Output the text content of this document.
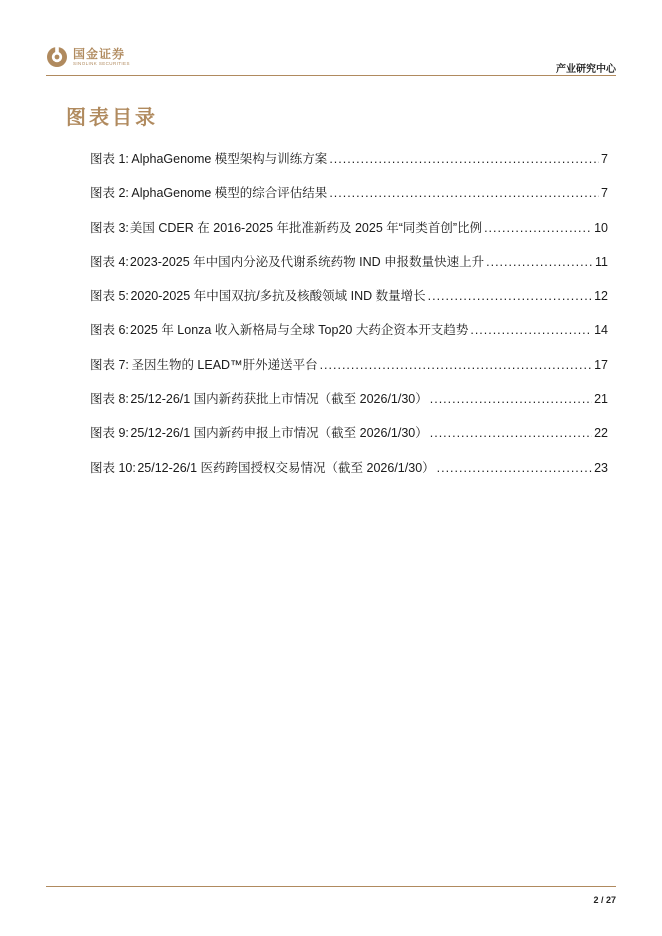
国金证券
SINOLINK SECURITIES
产业研究中心
图表目录
图表 1: AlphaGenome 模型架构与训练方案 .....	7
图表 2: AlphaGenome 模型的综合评估结果 .....	7
图表 3: 美国 CDER 在 2016-2025 年批准新药及 2025 年“同类首创”比例 .....	10
图表 4: 2023-2025 年中国内分泌及代谢系统药物 IND 申报数量快速上升 .....	11
图表 5: 2020-2025 年中国双抗/多抗及核酸领域 IND 数量增长 .....	12
图表 6: 2025 年 Lonza 收入新格局与全球 Top20 大药企资本开支趋势 .....	14
图表 7: 圣因生物的 LEAD™肝外递送平台 .....	17
图表 8: 25/12-26/1 国内新药获批上市情况（截至 2026/1/30） .....	21
图表 9: 25/12-26/1 国内新药申报上市情况（截至 2026/1/30） .....	22
图表 10: 25/12-26/1 医药跨国授权交易情况（截至 2026/1/30） .....	23
2 / 27
